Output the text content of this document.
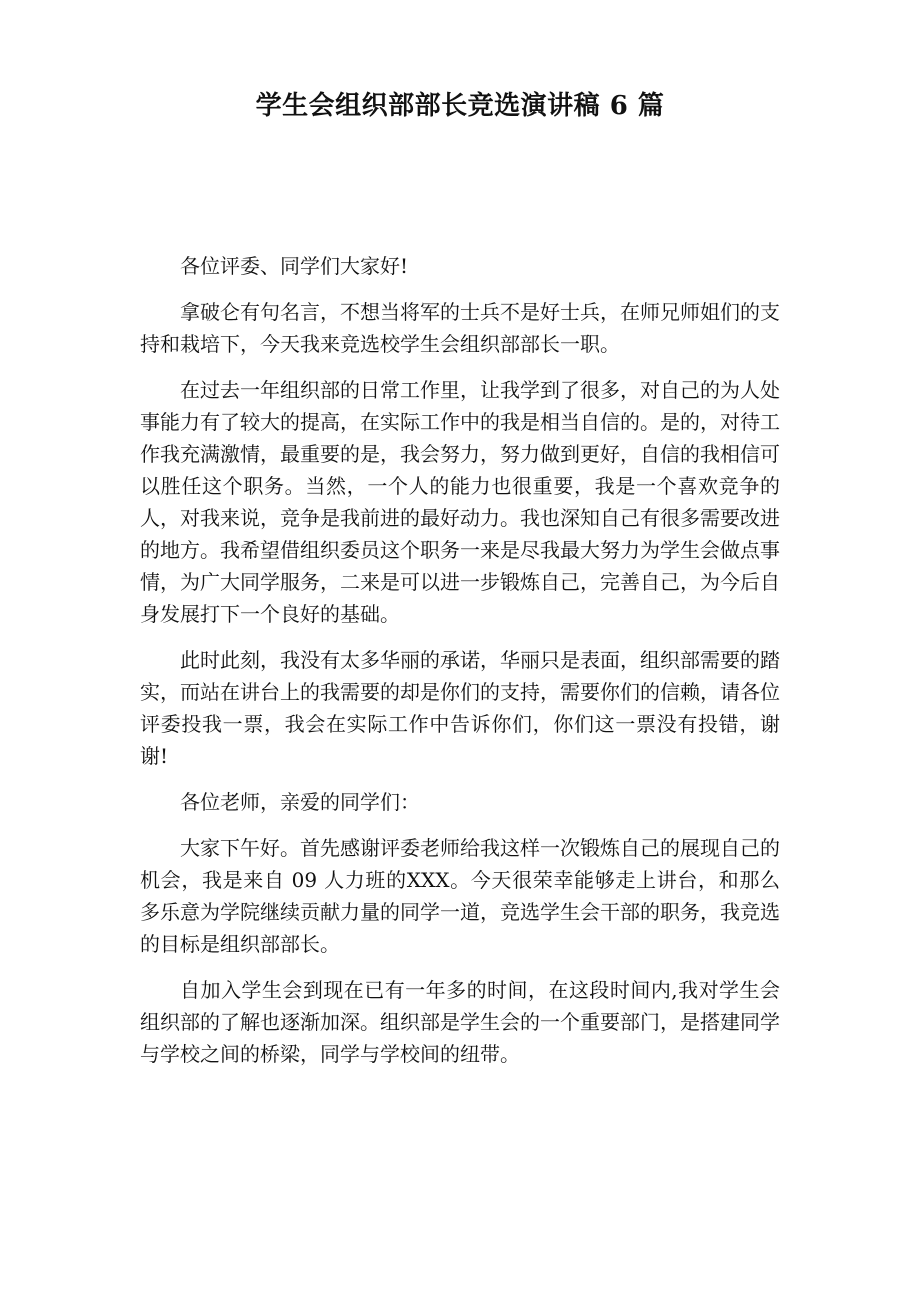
学生会组织部部长竞选演讲稿 6 篇

各位评委、同学们大家好!

拿破仑有句名言，不想当将军的士兵不是好士兵，在师兄师姐们的支持和栽培下，今天我来竞选校学生会组织部部长一职。

在过去一年组织部的日常工作里，让我学到了很多，对自己的为人处事能力有了较大的提高，在实际工作中的我是相当自信的。是的，对待工作我充满激情，最重要的是，我会努力，努力做到更好，自信的我相信可以胜任这个职务。当然，一个人的能力也很重要，我是一个喜欢竞争的人，对我来说，竞争是我前进的最好动力。我也深知自己有很多需要改进的地方。我希望借组织委员这个职务一来是尽我最大努力为学生会做点事情，为广大同学服务，二来是可以进一步锻炼自己，完善自己，为今后自身发展打下一个良好的基础。

此时此刻，我没有太多华丽的承诺，华丽只是表面，组织部需要的踏实，而站在讲台上的我需要的却是你们的支持，需要你们的信赖，请各位评委投我一票，我会在实际工作中告诉你们，你们这一票没有投错，谢谢!

各位老师，亲爱的同学们：

大家下午好。首先感谢评委老师给我这样一次锻炼自己的展现自己的机会，我是来自 09 人力班的XXX。今天很荣幸能够走上讲台，和那么多乐意为学院继续贡献力量的同学一道，竞选学生会干部的职务，我竞选的目标是组织部部长。

自加入学生会到现在已有一年多的时间，在这段时间内,我对学生会组织部的了解也逐渐加深。组织部是学生会的一个重要部门，是搭建同学与学校之间的桥梁，同学与学校间的纽带。
